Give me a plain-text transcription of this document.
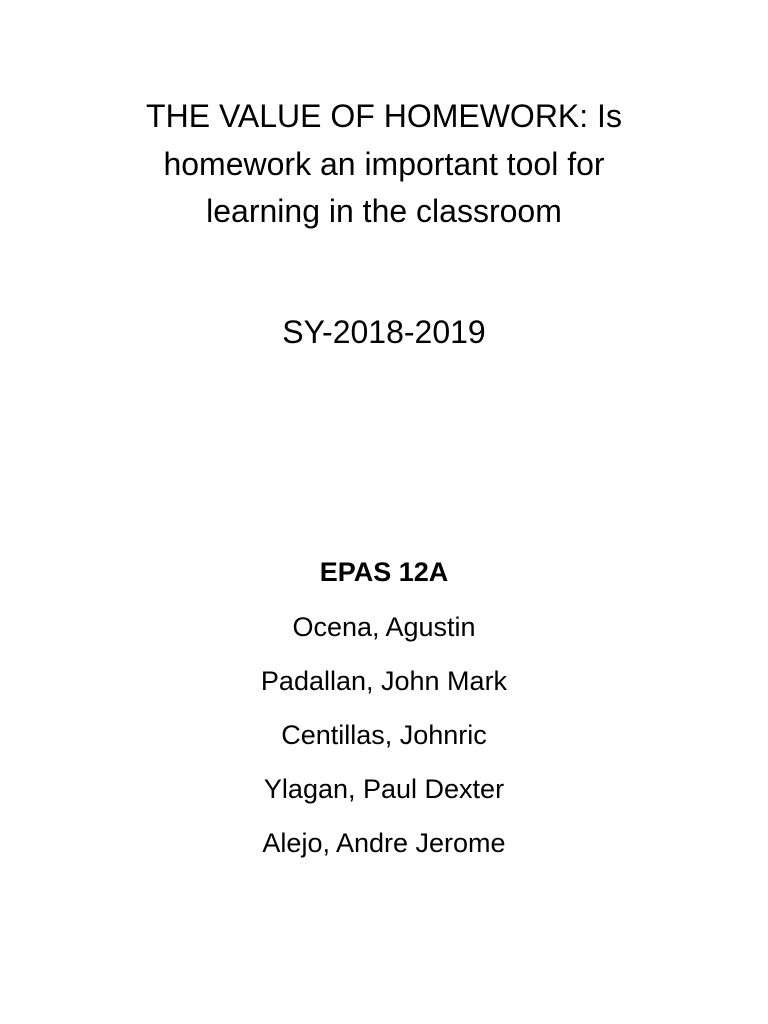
THE VALUE OF HOMEWORK: Is
homework an important tool for
learning in the classroom

SY-2018-2019

EPAS 12A

Ocena, Agustin
Padallan, John Mark
Centillas, Johnric
Ylagan, Paul Dexter
Alejo, Andre Jerome
